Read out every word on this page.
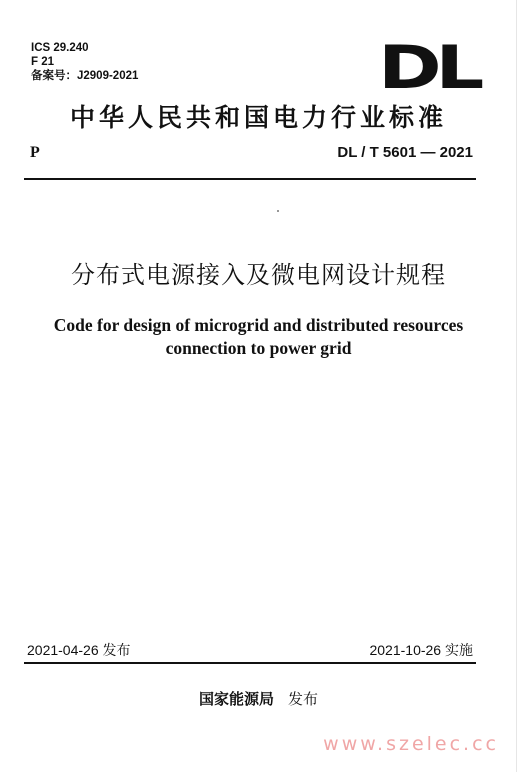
ICS 29.240
F 21
备案号：J2909-2021	DL
中华人民共和国电力行业标准
P	DL / T 5601 — 2021
分布式电源接入及微电网设计规程
Code for design of microgrid and distributed resources
connection to power grid
2021-04-26 发布	2021-10-26 实施
国家能源局 发布
www.szelec.cc
